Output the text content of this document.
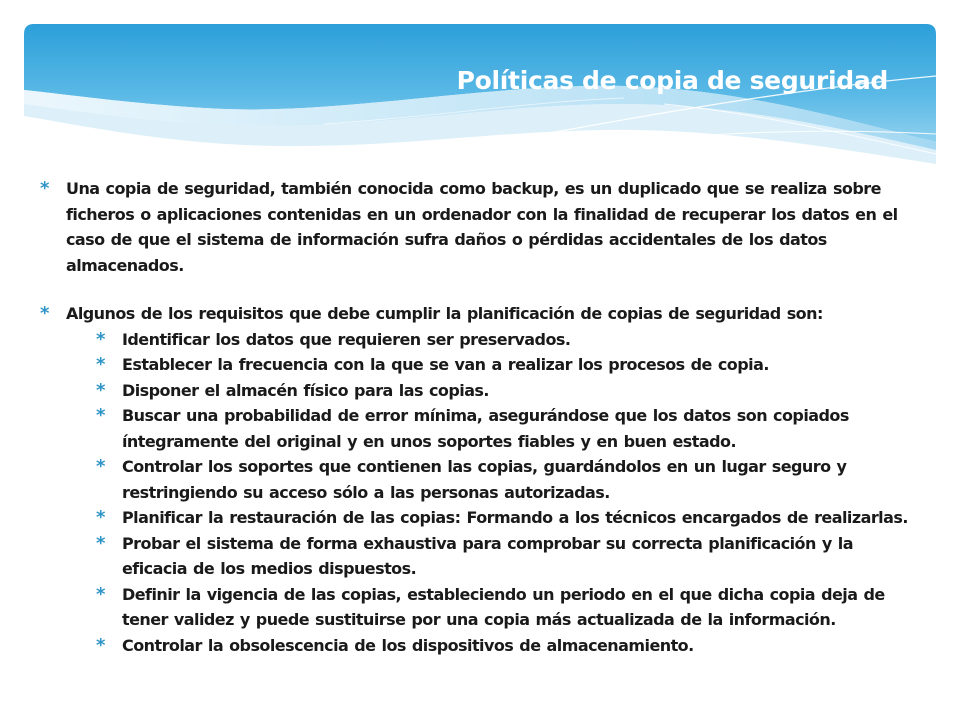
Políticas de copia de seguridad
*	Una copia de seguridad, también conocida como backup, es un duplicado que se realiza sobre ficheros o aplicaciones contenidas en un ordenador con la finalidad de recuperar los datos en el caso de que el sistema de información sufra daños o pérdidas accidentales de los datos almacenados.
*	Algunos de los requisitos que debe cumplir la planificación de copias de seguridad son:
*	Identificar los datos que requieren ser preservados.
*	Establecer la frecuencia con la que se van a realizar los procesos de copia.
*	Disponer el almacén físico para las copias.
*	Buscar una probabilidad de error mínima, asegurándose que los datos son copiados íntegramente del original y en unos soportes fiables y en buen estado.
*	Controlar los soportes que contienen las copias, guardándolos en un lugar seguro y restringiendo su acceso sólo a las personas autorizadas.
*	Planificar la restauración de las copias: Formando a los técnicos encargados de realizarlas.
*	Probar el sistema de forma exhaustiva para comprobar su correcta planificación y la eficacia de los medios dispuestos.
*	Definir la vigencia de las copias, estableciendo un periodo en el que dicha copia deja de tener validez y puede sustituirse por una copia más actualizada de la información.
*	Controlar la obsolescencia de los dispositivos de almacenamiento.
